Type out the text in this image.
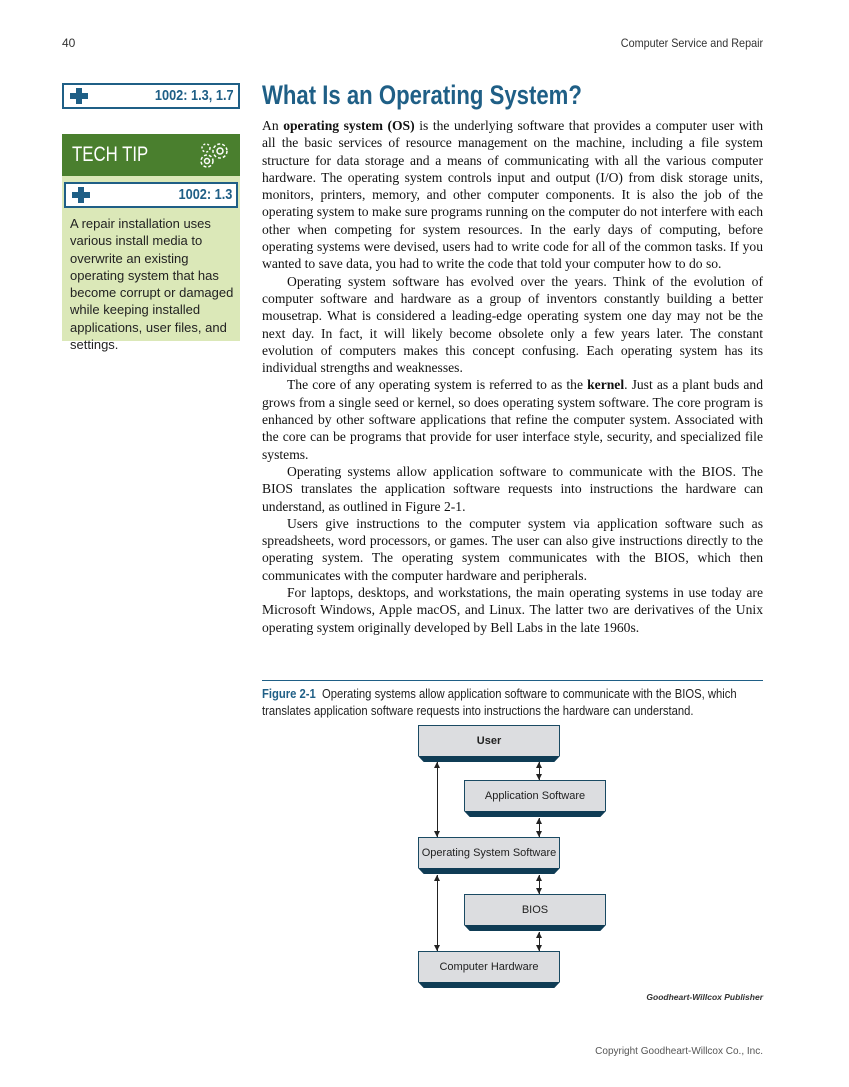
40	Computer Service and Repair
1002: 1.3, 1.7
TECH TIP
1002: 1.3
A repair installation uses various install media to overwrite an existing operating system that has become corrupt or damaged while keeping installed applications, user files, and settings.
What Is an Operating System?

An operating system (OS) is the underlying software that provides a computer user with all the basic services of resource management on the machine, including a file system structure for data storage and a means of communicating with all the various computer hardware. The operating system controls input and output (I/O) from disk storage units, monitors, printers, memory, and other computer components. It is also the job of the operating system to make sure programs running on the computer do not interfere with each other when competing for system resources. In the early days of computing, before operating systems were devised, users had to write code for all of the common tasks. If you wanted to save data, you had to write the code that told your computer how to do so.

Operating system software has evolved over the years. Think of the evolution of computer software and hardware as a group of inventors constantly building a better mousetrap. What is considered a leading-edge operating system one day may not be the next day. In fact, it will likely become obsolete only a few years later. The constant evolution of computers makes this concept confusing. Each operating system has its individual strengths and weaknesses.

The core of any operating system is referred to as the kernel. Just as a plant buds and grows from a single seed or kernel, so does operating system software. The core program is enhanced by other software applications that refine the computer system. Associated with the core can be programs that provide for user interface style, security, and specialized file systems.

Operating systems allow application software to communicate with the BIOS. The BIOS translates the application software requests into instructions the hardware can understand, as outlined in Figure 2-1.

Users give instructions to the computer system via application software such as spreadsheets, word processors, or games. The user can also give instructions directly to the operating system. The operating system communicates with the BIOS, which then communicates with the computer hardware and peripherals.

For laptops, desktops, and workstations, the main operating systems in use today are Microsoft Windows, Apple macOS, and Linux. The latter two are derivatives of the Unix operating system originally developed by Bell Labs in the late 1960s.

Figure 2-1 Operating systems allow application software to communicate with the BIOS, which translates application software requests into instructions the hardware can understand.
User
Application Software
Operating System Software
BIOS
Computer Hardware
Goodheart-Willcox Publisher
Copyright Goodheart-Willcox Co., Inc.
